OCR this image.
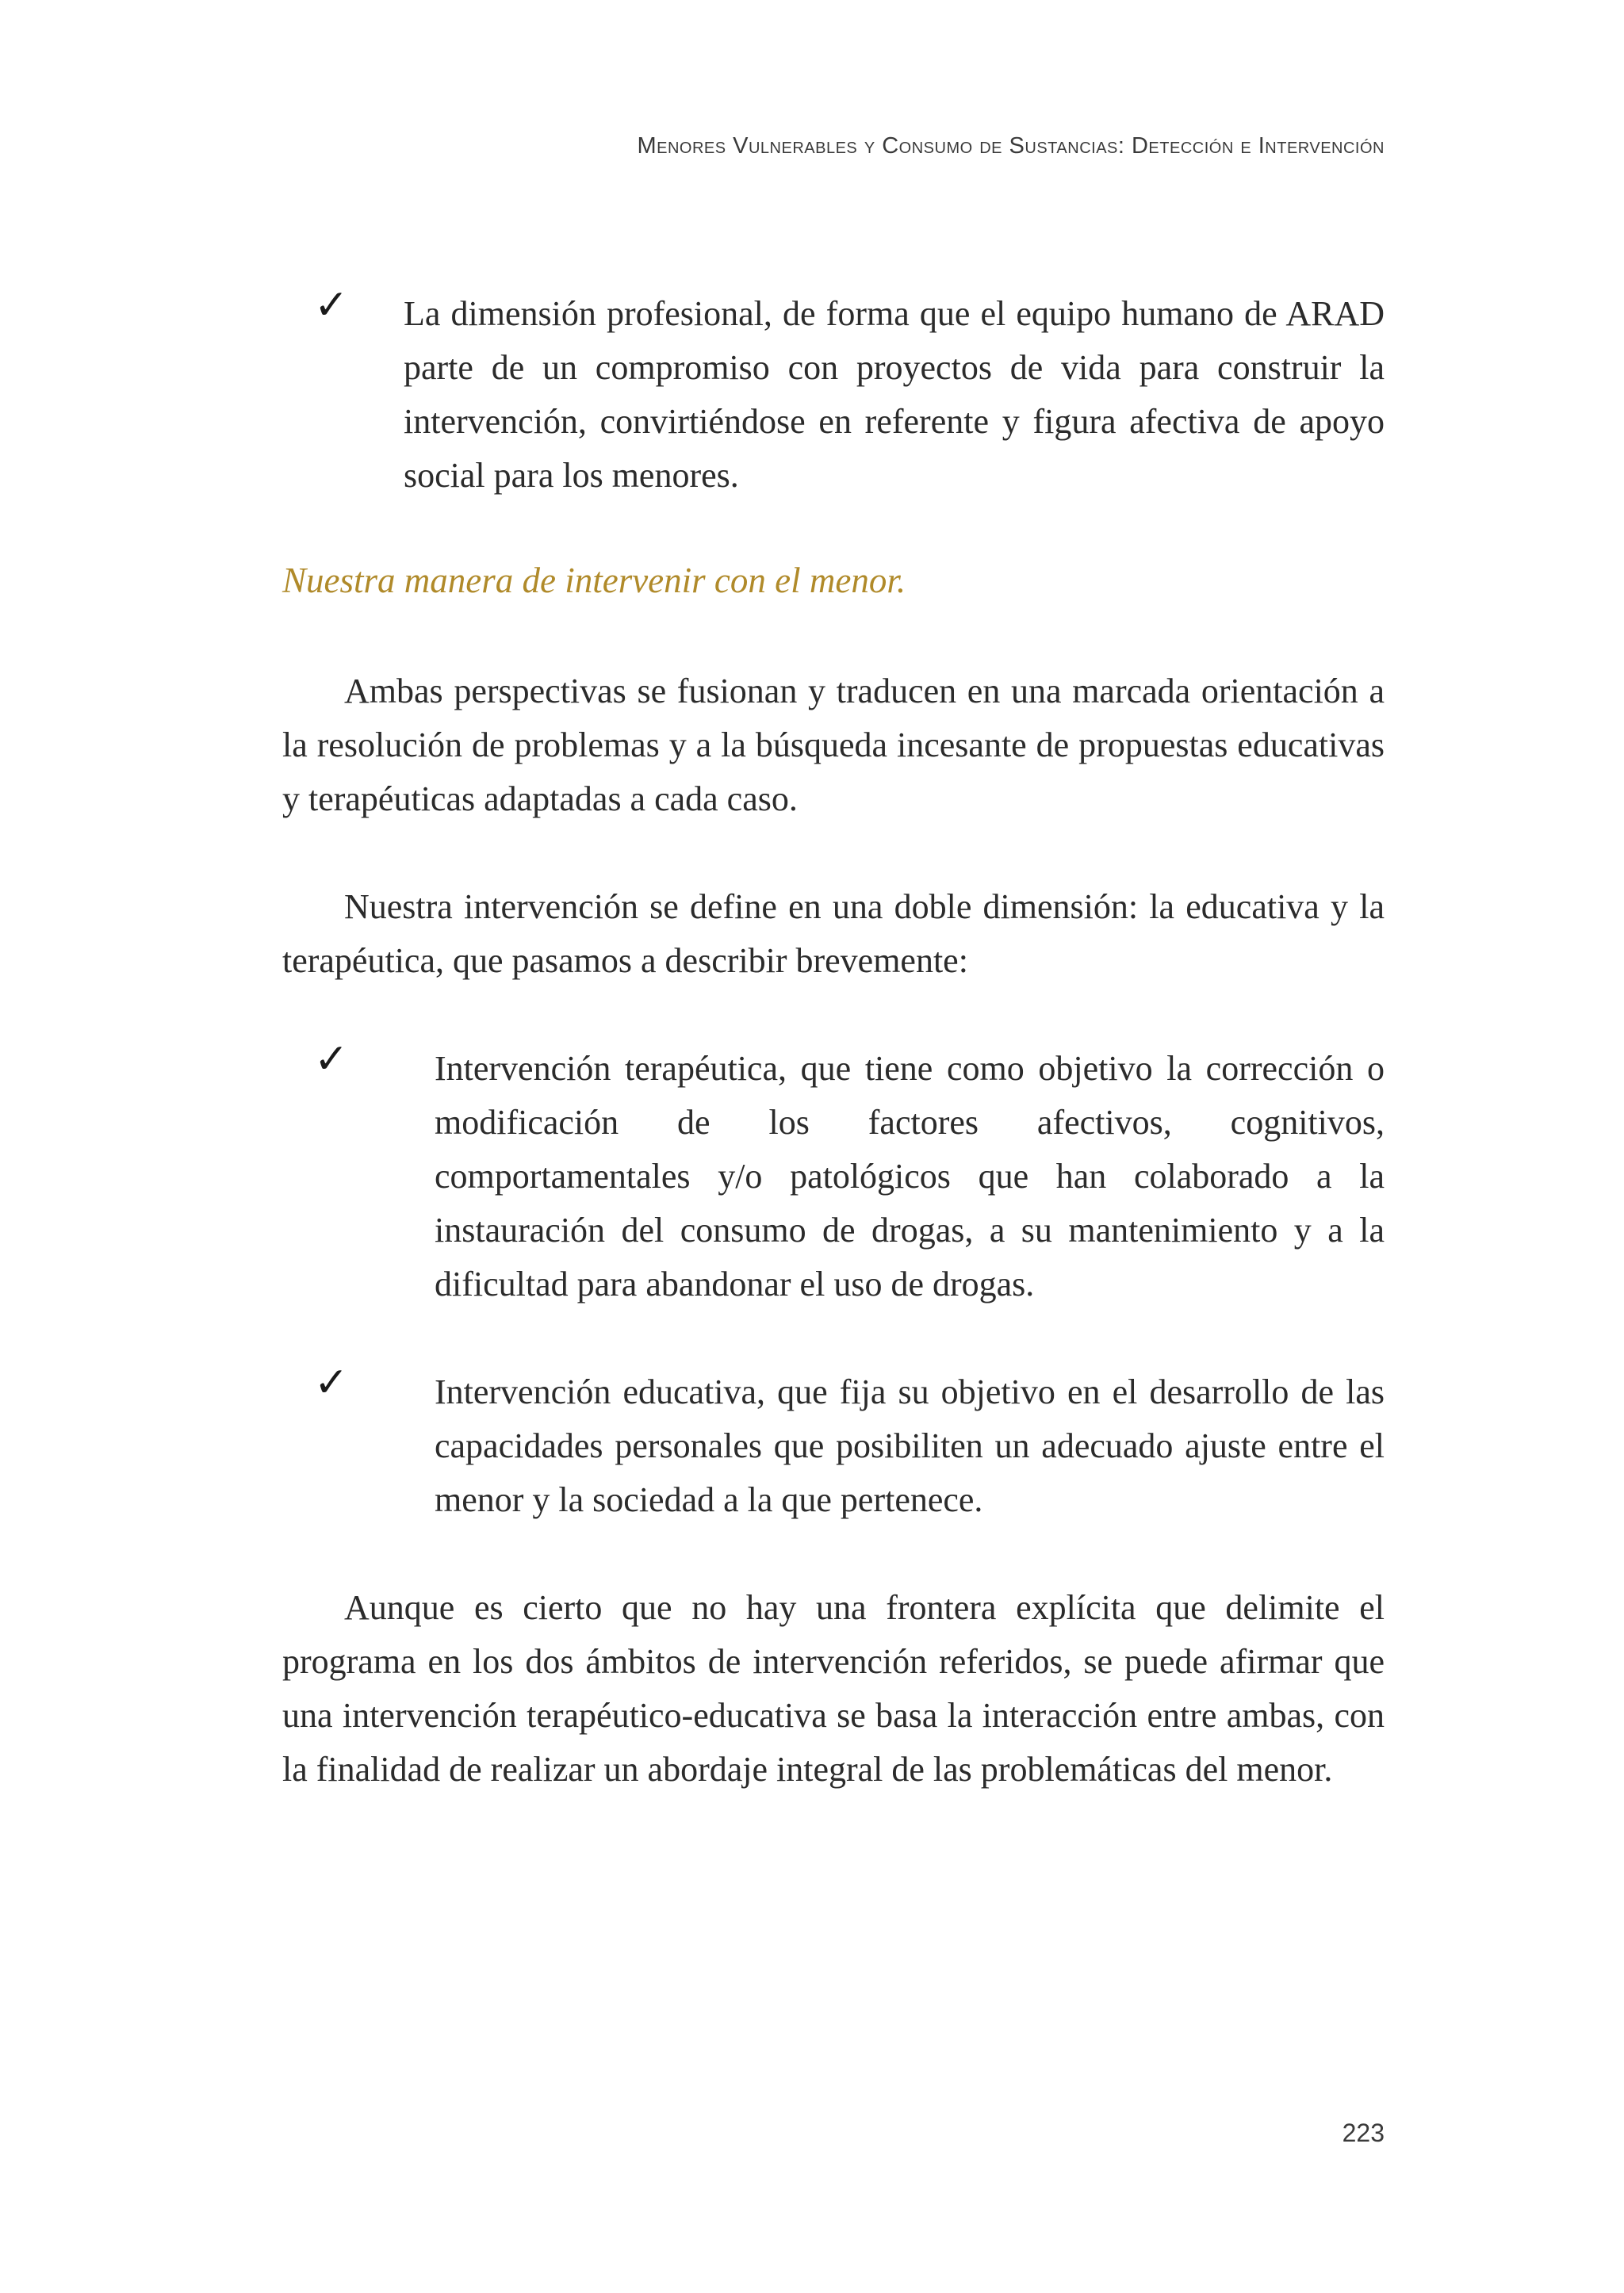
Menores Vulnerables y Consumo de Sustancias: Detección e Intervención
✓ La dimensión profesional, de forma que el equipo humano de ARAD parte de un compromiso con proyectos de vida para construir la intervención, convirtiéndose en referente y figura afectiva de apoyo social para los menores.
Nuestra manera de intervenir con el menor.
Ambas perspectivas se fusionan y traducen en una marcada orientación a la resolución de problemas y a la búsqueda incesante de propuestas educativas y terapéuticas adaptadas a cada caso.
Nuestra intervención se define en una doble dimensión: la educativa y la terapéutica, que pasamos a describir brevemente:
✓ Intervención terapéutica, que tiene como objetivo la corrección o modificación de los factores afectivos, cognitivos, comportamentales y/o patológicos que han colaborado a la instauración del consumo de drogas, a su mantenimiento y a la dificultad para abandonar el uso de drogas.
✓ Intervención educativa, que fija su objetivo en el desarrollo de las capacidades personales que posibiliten un adecuado ajuste entre el menor y la sociedad a la que pertenece.
Aunque es cierto que no hay una frontera explícita que delimite el programa en los dos ámbitos de intervención referidos, se puede afirmar que una intervención terapéutico-educativa se basa la interacción entre ambas, con la finalidad de realizar un abordaje integral de las problemáticas del menor.
223
